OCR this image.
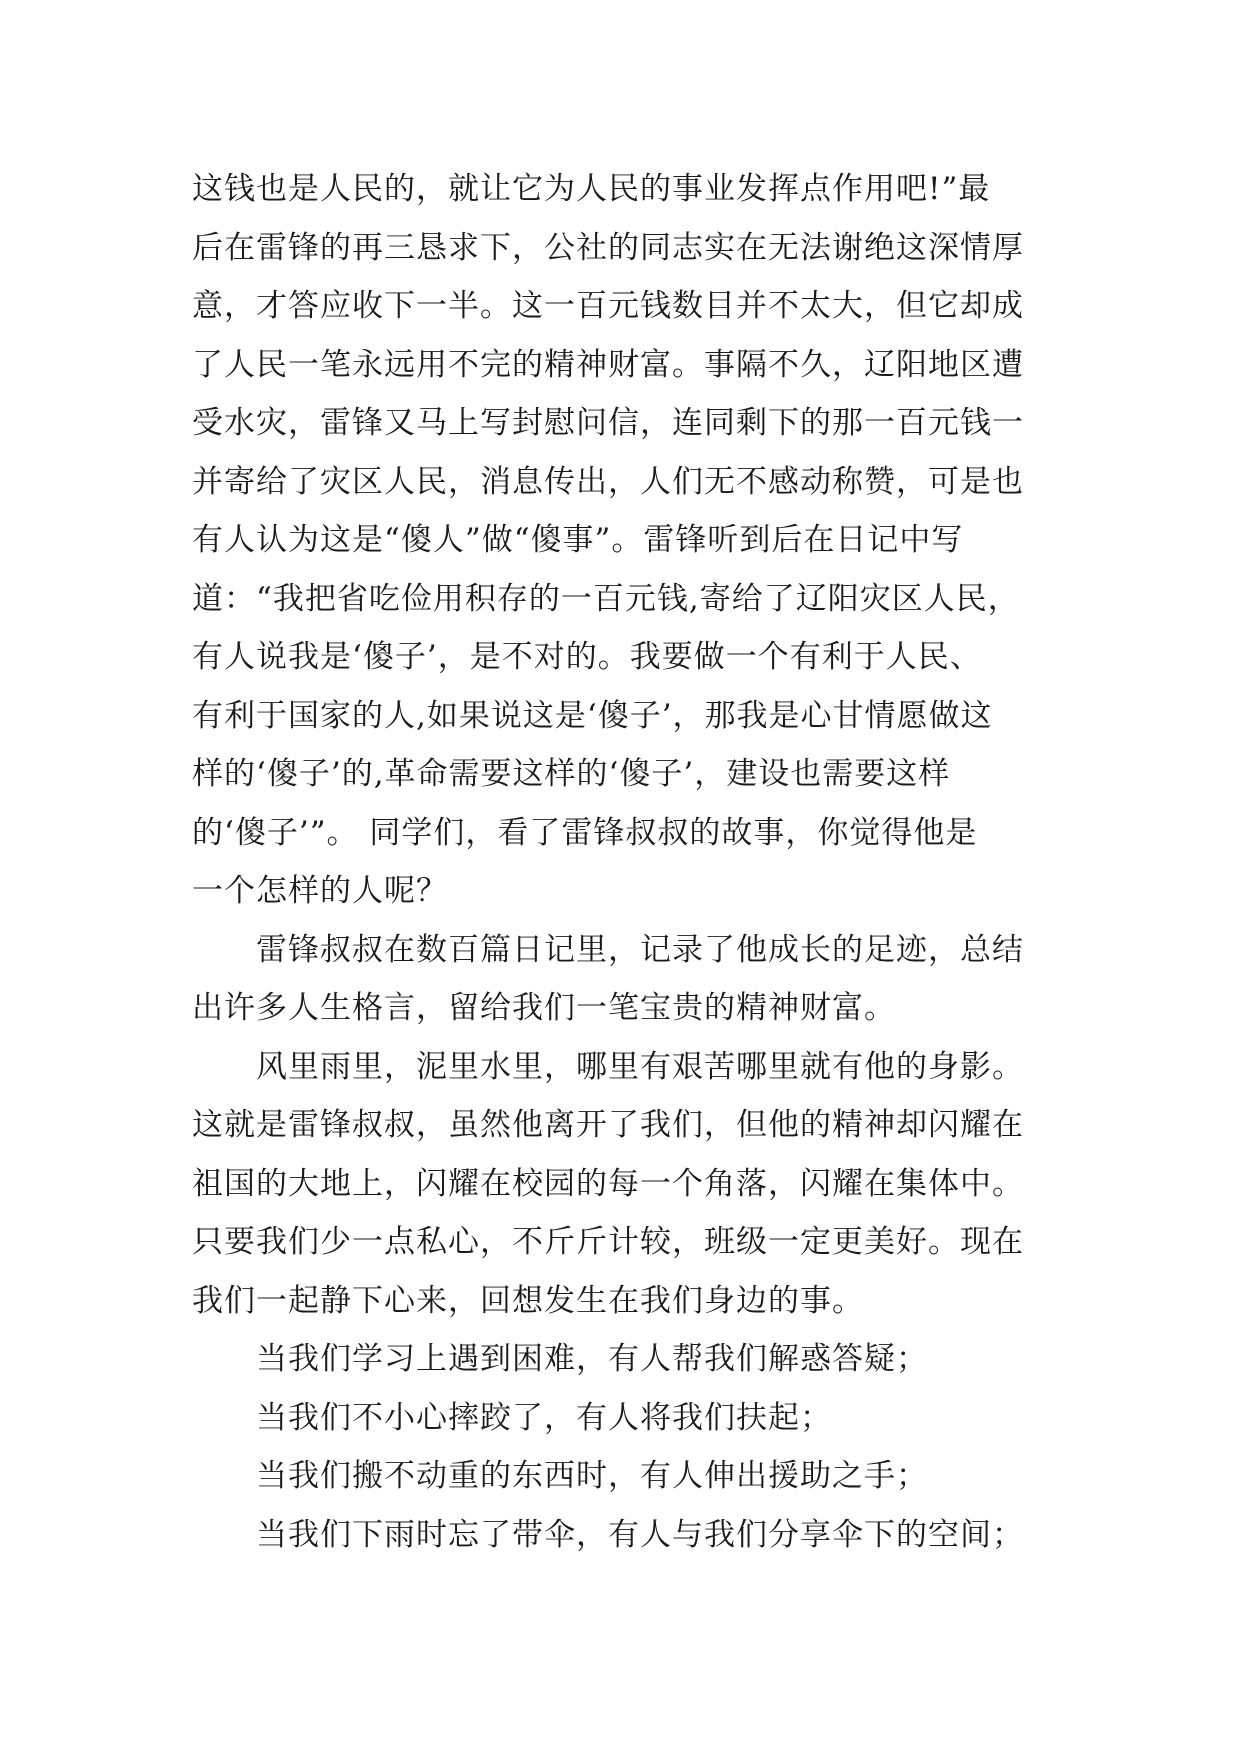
这钱也是人民的，就让它为人民的事业发挥点作用吧!”最
后在雷锋的再三恳求下，公社的同志实在无法谢绝这深情厚
意，才答应收下一半。这一百元钱数目并不太大，但它却成
了人民一笔永远用不完的精神财富。事隔不久，辽阳地区遭
受水灾，雷锋又马上写封慰问信，连同剩下的那一百元钱一
并寄给了灾区人民，消息传出，人们无不感动称赞，可是也
有人认为这是“傻人”做“傻事”。雷锋听到后在日记中写
道：“我把省吃俭用积存的一百元钱,寄给了辽阳灾区人民，
有人说我是‘傻子’，是不对的。我要做一个有利于人民、
有利于国家的人,如果说这是‘傻子’，那我是心甘情愿做这
样的‘傻子’的,革命需要这样的‘傻子’，建设也需要这样
的‘傻子’”。 同学们，看了雷锋叔叔的故事，你觉得他是
一个怎样的人呢？

雷锋叔叔在数百篇日记里，记录了他成长的足迹，总结
出许多人生格言，留给我们一笔宝贵的精神财富。

风里雨里，泥里水里，哪里有艰苦哪里就有他的身影。
这就是雷锋叔叔，虽然他离开了我们，但他的精神却闪耀在
祖国的大地上，闪耀在校园的每一个角落，闪耀在集体中。
只要我们少一点私心，不斤斤计较，班级一定更美好。现在
我们一起静下心来，回想发生在我们身边的事。

当我们学习上遇到困难，有人帮我们解惑答疑；

当我们不小心摔跤了，有人将我们扶起；

当我们搬不动重的东西时，有人伸出援助之手；

当我们下雨时忘了带伞，有人与我们分享伞下的空间；
